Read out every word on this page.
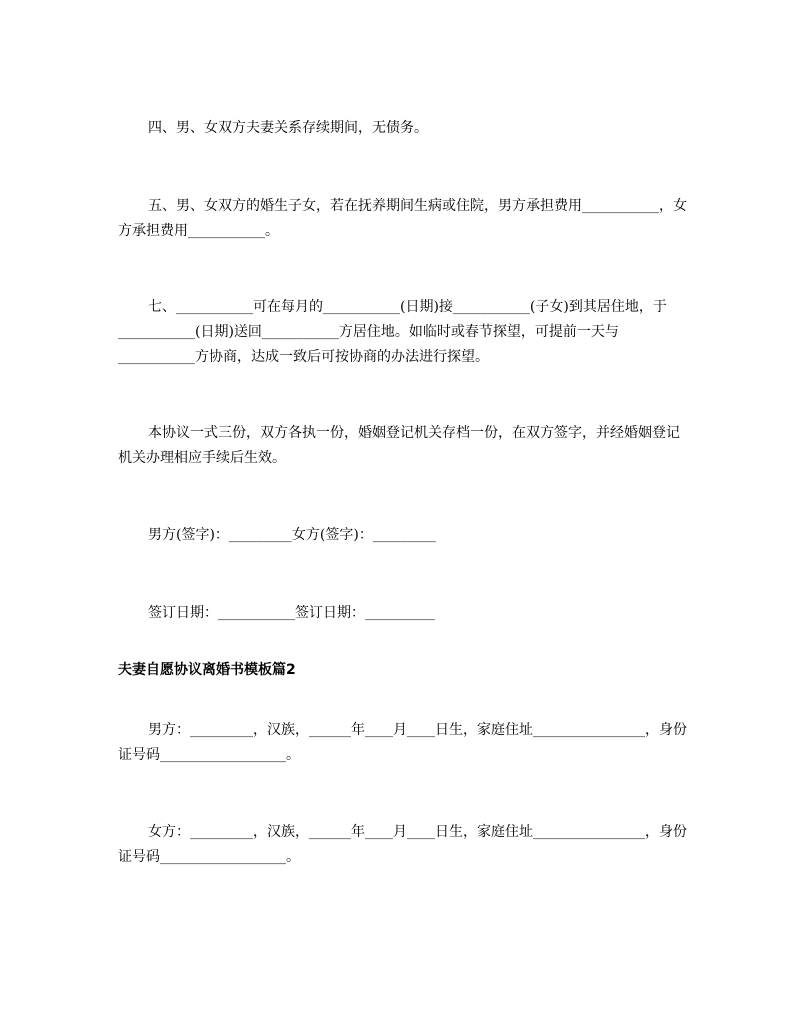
四、男、女双方夫妻关系存续期间，无债务。

五、男、女双方的婚生子女，若在抚养期间生病或住院，男方承担费用___________，女方承担费用___________。

七、___________可在每月的___________(日期)接___________(子女)到其居住地，于___________(日期)送回___________方居住地。如临时或春节探望，可提前一天与___________方协商，达成一致后可按协商的办法进行探望。

本协议一式三份，双方各执一份，婚姻登记机关存档一份，在双方签字，并经婚姻登记机关办理相应手续后生效。

男方(签字)：_________女方(签字)：_________

签订日期：___________签订日期：__________

夫妻自愿协议离婚书模板篇2

男方：_________，汉族，______年____月____日生，家庭住址________________，身份证号码__________________。

女方：_________，汉族，______年____月____日生，家庭住址________________，身份证号码__________________。
